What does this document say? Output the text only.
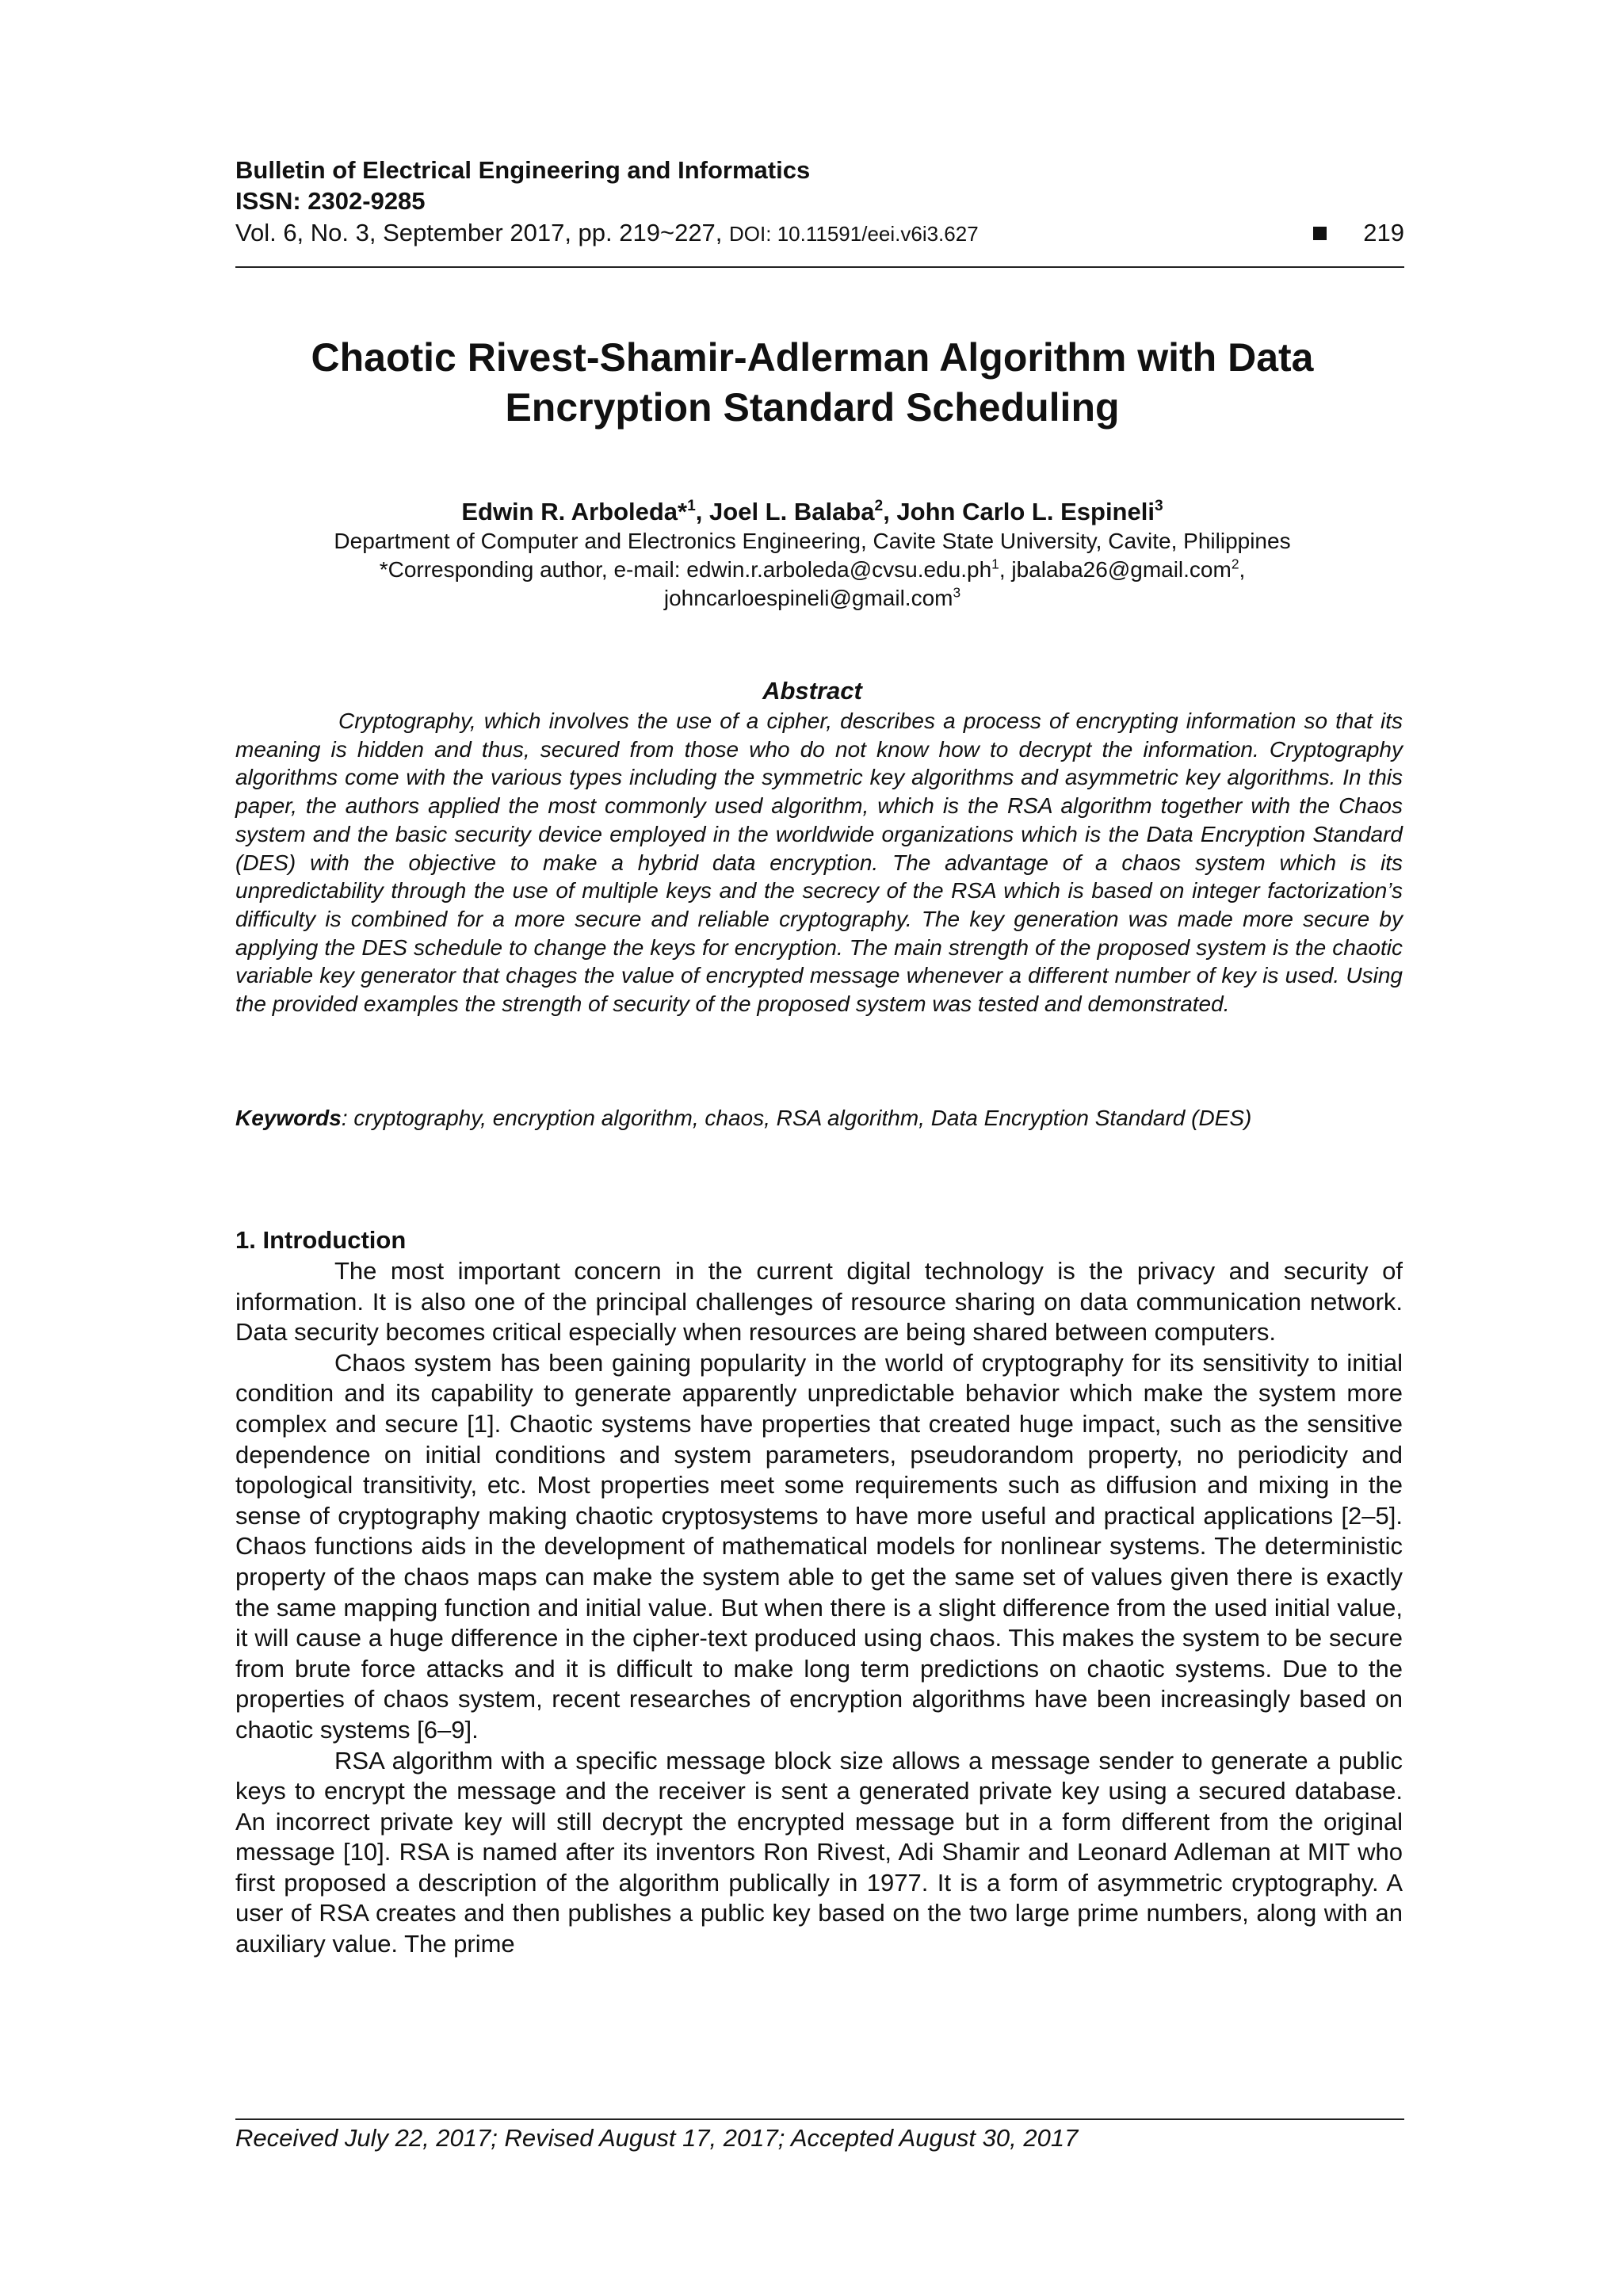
Bulletin of Electrical Engineering and Informatics
ISSN: 2302-9285
Vol. 6, No. 3, September 2017, pp. 219~227, DOI: 10.11591/eei.v6i3.627	219
Chaotic Rivest-Shamir-Adlerman Algorithm with Data
Encryption Standard Scheduling
Edwin R. Arboleda*$^1$, Joel L. Balaba$^2$, John Carlo L. Espineli$^3$
Department of Computer and Electronics Engineering, Cavite State University, Cavite, Philippines
*Corresponding author, e-mail: $edwin.r.arboleda@cvsu.edu.ph^1$, jbalaba26@gmail.com$^2$,
johncarloespineli@gmail.com$^3$
Abstract
Cryptography, which involves the use of a cipher, describes a process of encrypting information so that its meaning is hidden and thus, secured from those who do not know how to decrypt the information. Cryptography algorithms come with the various types including the symmetric key algorithms and asymmetric key algorithms. In this paper, the authors applied the most commonly used algorithm, which is the RSA algorithm together with the Chaos system and the basic security device employed in the worldwide organizations which is the Data Encryption Standard (DES) with the objective to make a hybrid data encryption. The advantage of a chaos system which is its unpredictability through the use of multiple keys and the secrecy of the RSA which is based on integer factorization’s difficulty is combined for a more secure and reliable cryptography. The key generation was made more secure by applying the DES schedule to change the keys for encryption. The main strength of the proposed system is the chaotic variable key generator that chages the value of encrypted message whenever a different number of key is used. Using the provided examples the strength of security of the proposed system was tested and demonstrated.
Keywords: cryptography, encryption algorithm, chaos, RSA algorithm, Data Encryption Standard (DES)
1. Introduction

The most important concern in the current digital technology is the privacy and security of information. It is also one of the principal challenges of resource sharing on data communication network. Data security becomes critical especially when resources are being shared between computers.

Chaos system has been gaining popularity in the world of cryptography for its sensitivity to initial condition and its capability to generate apparently unpredictable behavior which make the system more complex and secure [1]. Chaotic systems have properties that created huge impact, such as the sensitive dependence on initial conditions and system parameters, pseudorandom property, no periodicity and topological transitivity, etc. Most properties meet some requirements such as diffusion and mixing in the sense of cryptography making chaotic cryptosystems to have more useful and practical applications [2–5]. Chaos functions aids in the development of mathematical models for nonlinear systems. The deterministic property of the chaos maps can make the system able to get the same set of values given there is exactly the same mapping function and initial value. But when there is a slight difference from the used initial value, it will cause a huge difference in the cipher-text produced using chaos. This makes the system to be secure from brute force attacks and it is difficult to make long term predictions on chaotic systems. Due to the properties of chaos system, recent researches of encryption algorithms have been increasingly based on chaotic systems [6–9].

RSA algorithm with a specific message block size allows a message sender to generate a public keys to encrypt the message and the receiver is sent a generated private key using a secured database. An incorrect private key will still decrypt the encrypted message but in a form different from the original message [10]. RSA is named after its inventors Ron Rivest, Adi Shamir and Leonard Adleman at MIT who first proposed a description of the algorithm publically in 1977. It is a form of asymmetric cryptography. A user of RSA creates and then publishes a public key based on the two large prime numbers, along with an auxiliary value. The prime

Received July 22, 2017; Revised August 17, 2017; Accepted August 30, 2017
